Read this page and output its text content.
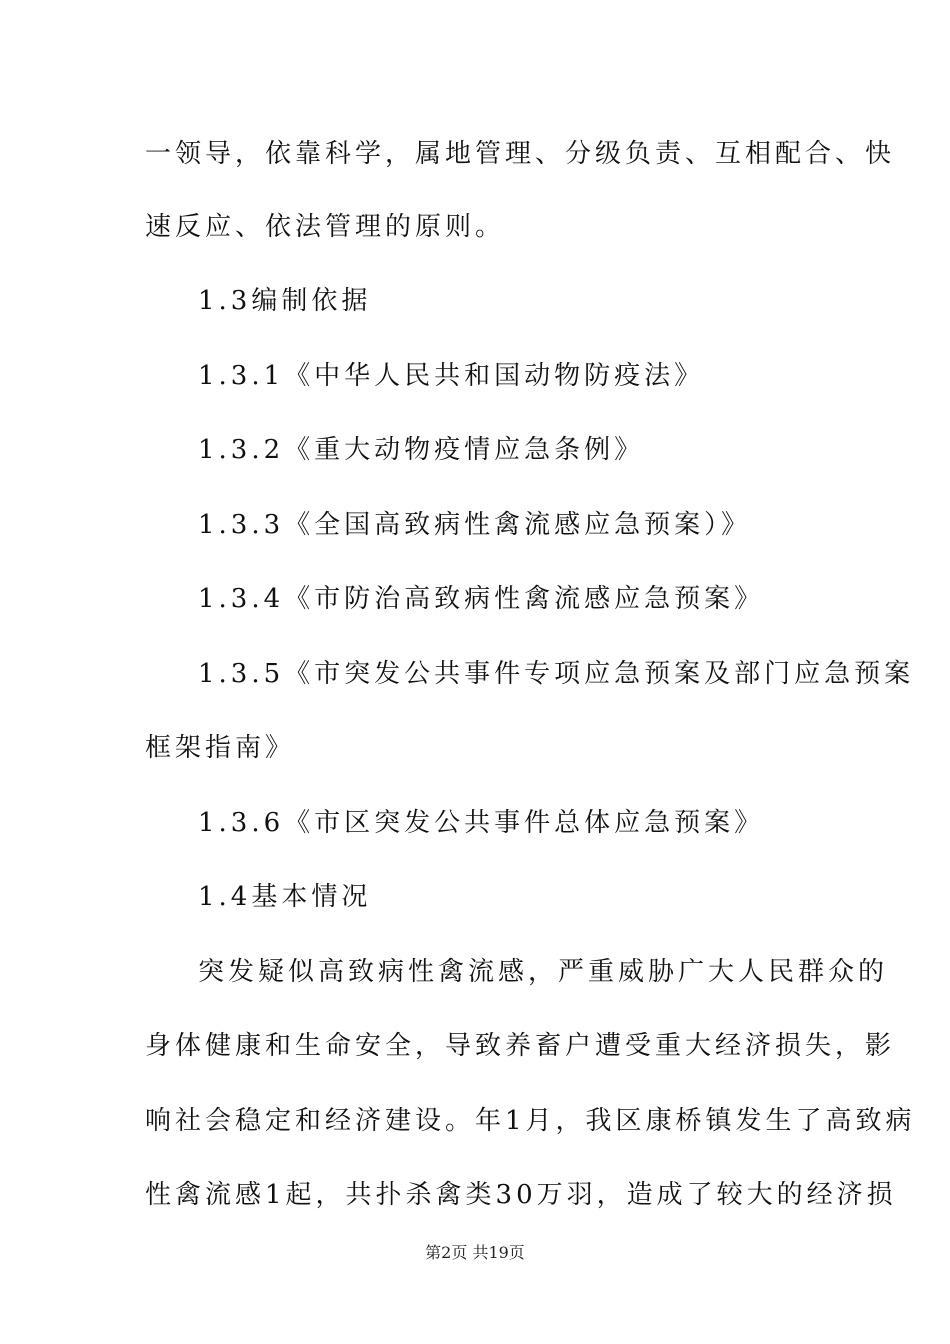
一领导，依靠科学，属地管理、分级负责、互相配合、快
速反应、依法管理的原则。
1.3编制依据
1.3.1《中华人民共和国动物防疫法》
1.3.2《重大动物疫情应急条例》
1.3.3《全国高致病性禽流感应急预案）》
1.3.4《市防治高致病性禽流感应急预案》
1.3.5《市突发公共事件专项应急预案及部门应急预案
框架指南》
1.3.6《市区突发公共事件总体应急预案》
1.4基本情况
突发疑似高致病性禽流感，严重威胁广大人民群众的
身体健康和生命安全，导致养畜户遭受重大经济损失，影
响社会稳定和经济建设。年1月，我区康桥镇发生了高致病
性禽流感1起，共扑杀禽类30万羽，造成了较大的经济损
第2页 共19页
